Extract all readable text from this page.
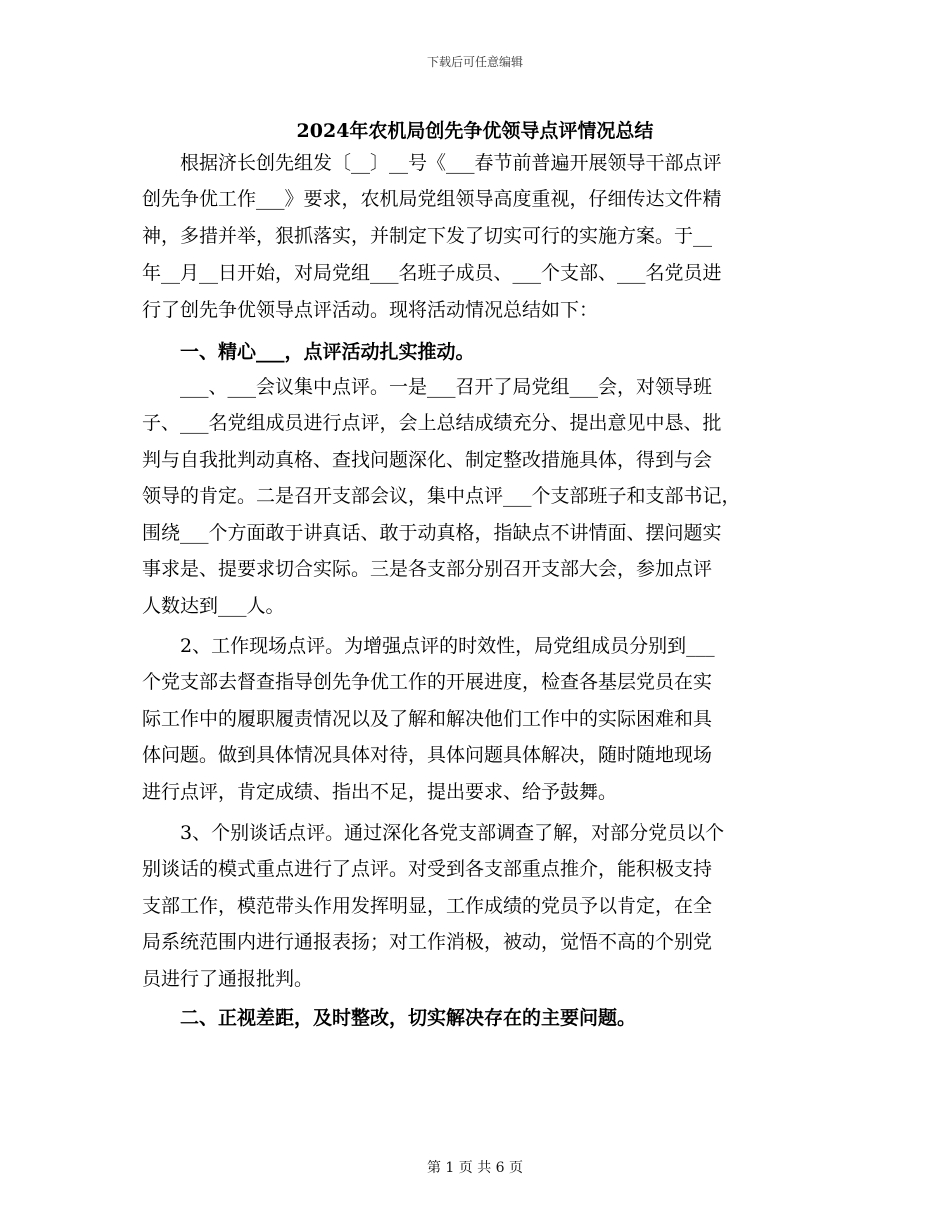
下载后可任意编辑
2024年农机局创先争优领导点评情况总结
　　根据济长创先组发〔__〕__号《___春节前普遍开展领导干部点评
创先争优工作___》要求，农机局党组领导高度重视，仔细传达文件精
神，多措并举，狠抓落实，并制定下发了切实可行的实施方案。于__
年__月__日开始，对局党组___名班子成员、___个支部、___名党员进
行了创先争优领导点评活动。现将活动情况总结如下：
　　一、精心___，点评活动扎实推动。
　　___、___会议集中点评。一是___召开了局党组___会，对领导班
子、___名党组成员进行点评，会上总结成绩充分、提出意见中恳、批
判与自我批判动真格、查找问题深化、制定整改措施具体，得到与会
领导的肯定。二是召开支部会议，集中点评___个支部班子和支部书记，
围绕___个方面敢于讲真话、敢于动真格，指缺点不讲情面、摆问题实
事求是、提要求切合实际。三是各支部分别召开支部大会，参加点评
人数达到___人。
　　2、工作现场点评。为增强点评的时效性，局党组成员分别到___
个党支部去督查指导创先争优工作的开展进度，检查各基层党员在实
际工作中的履职履责情况以及了解和解决他们工作中的实际困难和具
体问题。做到具体情况具体对待，具体问题具体解决，随时随地现场
进行点评，肯定成绩、指出不足，提出要求、给予鼓舞。
　　3、个别谈话点评。通过深化各党支部调查了解，对部分党员以个
别谈话的模式重点进行了点评。对受到各支部重点推介，能积极支持
支部工作，模范带头作用发挥明显，工作成绩的党员予以肯定，在全
局系统范围内进行通报表扬；对工作消极，被动，觉悟不高的个别党
员进行了通报批判。
　　二、正视差距，及时整改，切实解决存在的主要问题。
第 1 页 共 6 页
